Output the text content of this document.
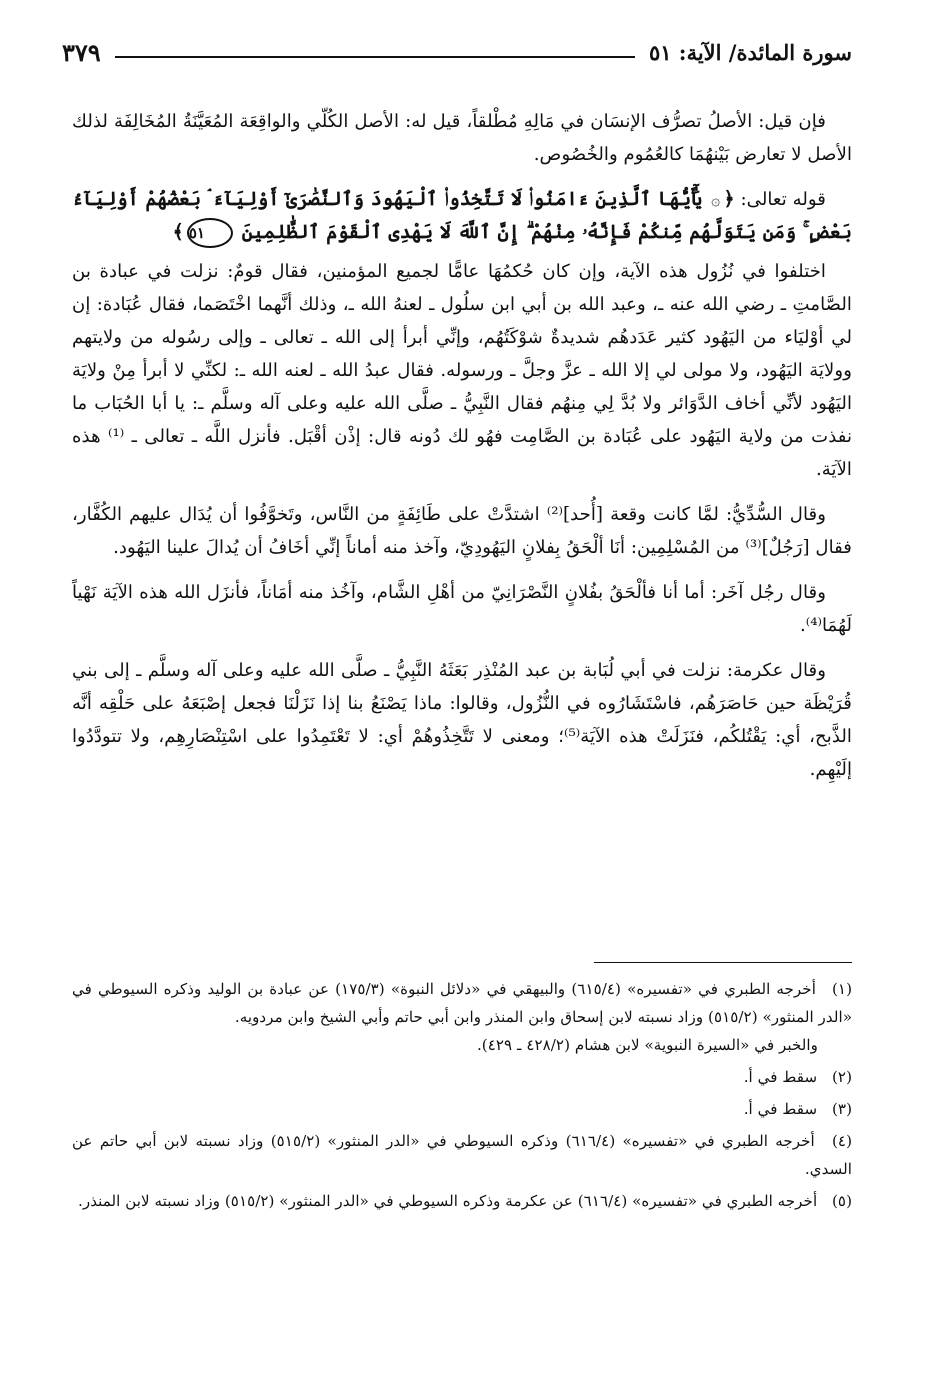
سورة المائدة/ الآية: ٥١
٣٧٩

فإن قيل: الأصلُ تصرُّف الإنسَان في مَالِهِ مُطْلقاً، قيل له: الأصل الكُلّي والواقِعَة المُعَيَّنَةُ المُخَالِفَة لذلك الأصل لا تعارض بَيْنهُمَا كالعُمُوم والخُصُوص.

قوله تعالى: ﴿۞ يَٰٓأَيُّهَا ٱلَّذِينَ ءَامَنُوا۟ لَا تَتَّخِذُوا۟ ٱلْيَهُودَ وَٱلنَّصَٰرَىٰٓ أَوْلِيَآءَ ۘ بَعْضُهُمْ أَوْلِيَآءُ بَعْضٍ ۚ وَمَن يَتَوَلَّهُم مِّنكُمْ فَإِنَّهُۥ مِنْهُمْ ۗ إِنَّ ٱللَّهَ لَا يَهْدِى ٱلْقَوْمَ ٱلظَّٰلِمِينَ ٥١﴾

اختلفوا في نُزُول هذه الآية، وإن كان حُكمُهَا عامًّا لجميع المؤمنين، فقال قومٌ: نزلت في عبادة بن الصَّامتِ ـ رضي الله عنه ـ، وعبد الله بن أبي ابن سلُول ـ لعنهُ الله ـ، وذلك أنَّهما اخْتَصَما، فقال عُبَادة: إن لي أوْليَاء من اليَهُود كثير عَدَدهُم شديدةٌ شوْكَتُهُم، وإنِّي أبرأ إلى الله ـ تعالى ـ وإلى رسُوله من ولايتهم وولايَة اليَهُود، ولا مولى لي إلا الله ـ عزَّ وجلَّ ـ ورسوله. فقال عبدُ الله ـ لعنه الله ـ: لكنِّي لا أبرأ مِنْ ولايَة اليَهُود لأنِّي أخاف الدَّوَائر ولا بُدَّ لِي مِنهُم فقال النَّبِيُّ ـ صلَّى الله عليه وعلى آله وسلَّم ـ: يا أبا الحُبَاب ما نفذت من ولاية اليَهُود على عُبَادة بن الصَّامِت فهُو لك دُونه قال: إذْن أقْبَل. فأنزل اللَّه ـ تعالى ـ ⁽¹⁾ هذه الآيَة.

وقال السُّدِّيُّ: لمَّا كانت وقعة [أُحد]⁽²⁾ اشتدَّتْ على طَائِفَةٍ من النَّاس، وتَخوَّفُوا أن يُدَال عليهم الكُفَّار، فقال [رَجُلٌ]⁽³⁾ من المُسْلِمِين: أنَا ألْحَقُ بِفلانٍ اليَهُودِيّ، وآخذ منه أماناً إنِّي أخَافُ أن يُدالَ علينا اليَهُود.

وقال رجُل آخَر: أما أنا فألْحَقُ بفُلانٍ النَّصْرَانِيّ من أهْلِ الشَّام، وآخُذ منه أمَاناً، فأنزَل الله هذه الآيَة نَهْياً لَهُمَا⁽⁴⁾.

وقال عكرمة: نزلت في أبي لُبَابة بن عبد المُنْذِر بَعَثَهُ النَّبِيُّ ـ صلَّى الله عليه وعلى آله وسلَّم ـ إلى بني قُرَيْظَة حين حَاصَرَهُم، فاسْتَشَارُوه في النُّزُول، وقالوا: ماذا يَصْنَعُ بنا إذا نَزَلْنَا فجعل إصْبَعَهُ على حَلْقِه أنَّه الذَّبح، أي: يَقْتُلكُم، فنَزَلَتْ هذه الآيَة⁽⁵⁾؛ ومعنى لا تَتَّخِذُوهُمْ أي: لا تَعْتَمِدُوا على اسْتِنْصَارِهِم، ولا تتودَّدُوا إلَيْهِم.

(١) أخرجه الطبري في «تفسيره» (٦١٥/٤) والبيهقي في «دلائل النبوة» (١٧٥/٣) عن عبادة بن الوليد وذكره السيوطي في «الدر المنثور» (٥١٥/٢) وزاد نسبته لابن إسحاق وابن المنذر وابن أبي حاتم وأبي الشيخ وابن مردويه.
والخبر في «السيرة النبوية» لابن هشام (٤٢٨/٢ ـ ٤٢٩).

(٢) سقط في أ.

(٣) سقط في أ.

(٤) أخرجه الطبري في «تفسيره» (٦١٦/٤) وذكره السيوطي في «الدر المنثور» (٥١٥/٢) وزاد نسبته لابن أبي حاتم عن السدي.

(٥) أخرجه الطبري في «تفسيره» (٦١٦/٤) عن عكرمة وذكره السيوطي في «الدر المنثور» (٥١٥/٢) وزاد نسبته لابن المنذر.
